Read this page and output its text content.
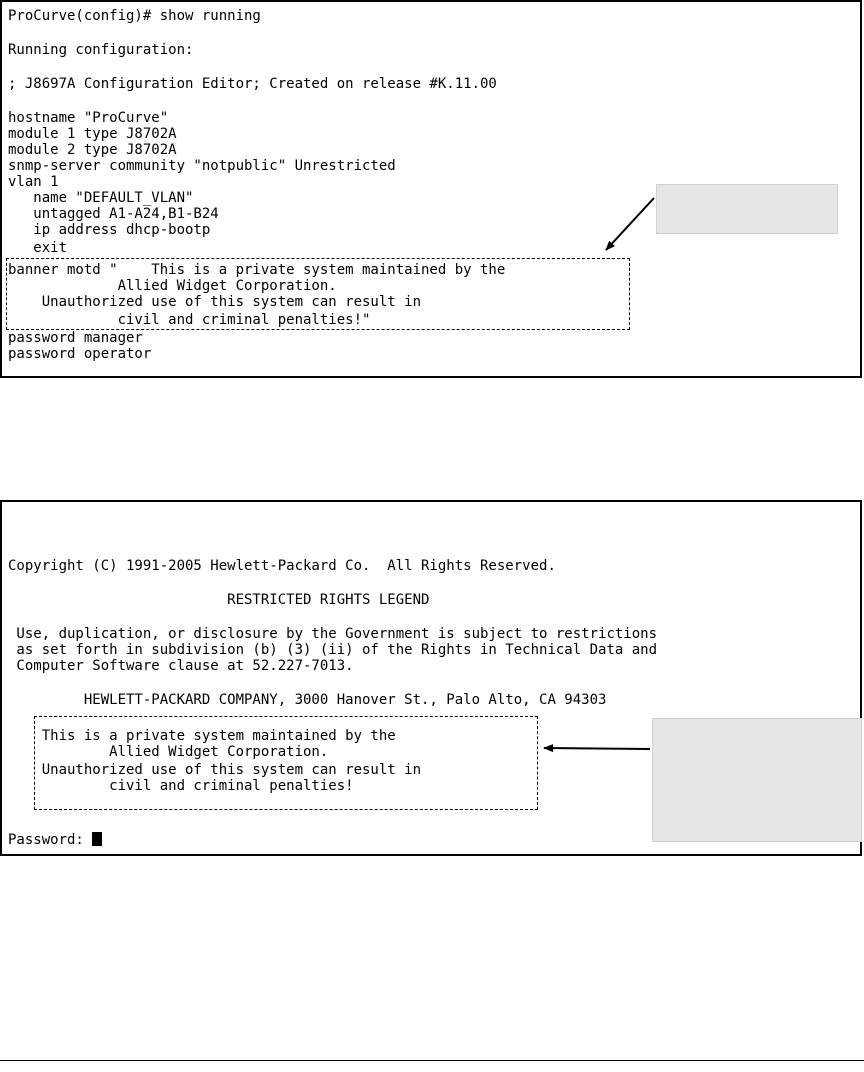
ProCurve(config)# show running
Running configuration:
; J8697A Configuration Editor; Created on release #K.11.00
hostname "ProCurve"
module 1 type J8702A
module 2 type J8702A
snmp-server community "notpublic" Unrestricted
vlan 1
name "DEFAULT_VLAN"
untagged A1-A24,B1-B24
ip address dhcp-bootp
exit
banner motd "    This is a private system maintained by the
Allied Widget Corporation.
Unauthorized use of this system can result in
civil and criminal penalties!"
password manager
password operator
Copyright (C) 1991-2005 Hewlett-Packard Co.  All Rights Reserved.
RESTRICTED RIGHTS LEGEND
Use, duplication, or disclosure by the Government is subject to restrictions
as set forth in subdivision (b) (3) (ii) of the Rights in Technical Data and
Computer Software clause at 52.227-7013.
HEWLETT-PACKARD COMPANY, 3000 Hanover St., Palo Alto, CA 94303
This is a private system maintained by the
Allied Widget Corporation.
Unauthorized use of this system can result in
civil and criminal penalties!
Password:
